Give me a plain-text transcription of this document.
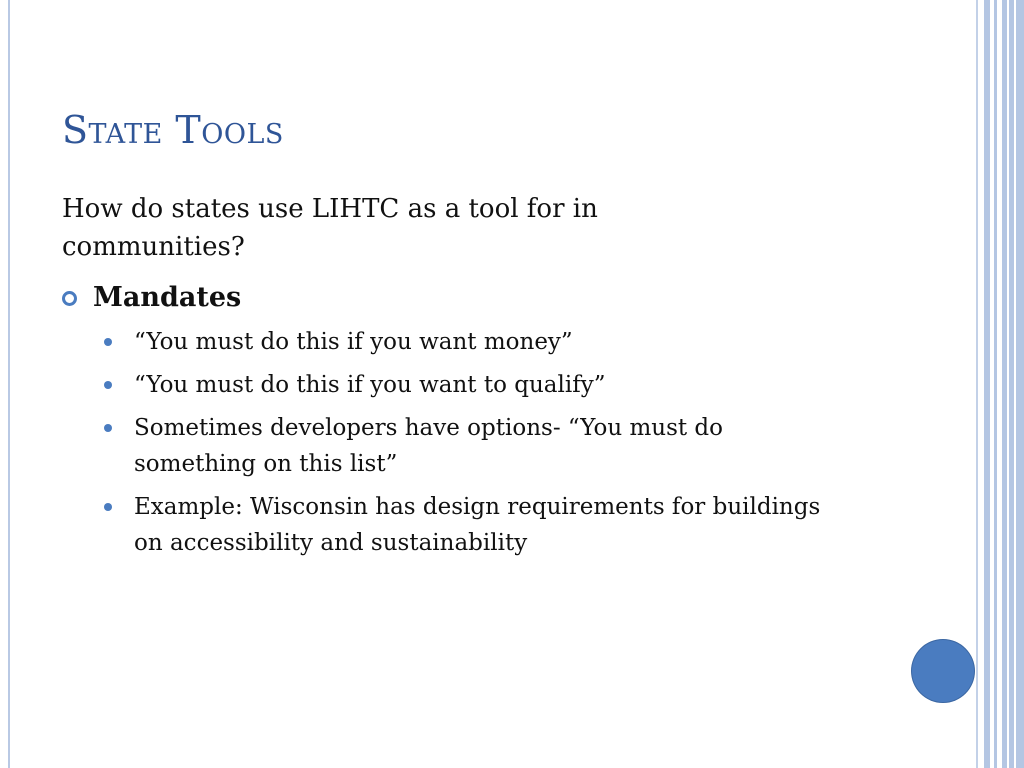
State Tools
How do states use LIHTC as a tool for in communities?
Mandates
“You must do this if you want money”
“You must do this if you want to qualify”
Sometimes developers have options- “You must do something on this list”
Example: Wisconsin has design requirements for buildings on accessibility and sustainability
